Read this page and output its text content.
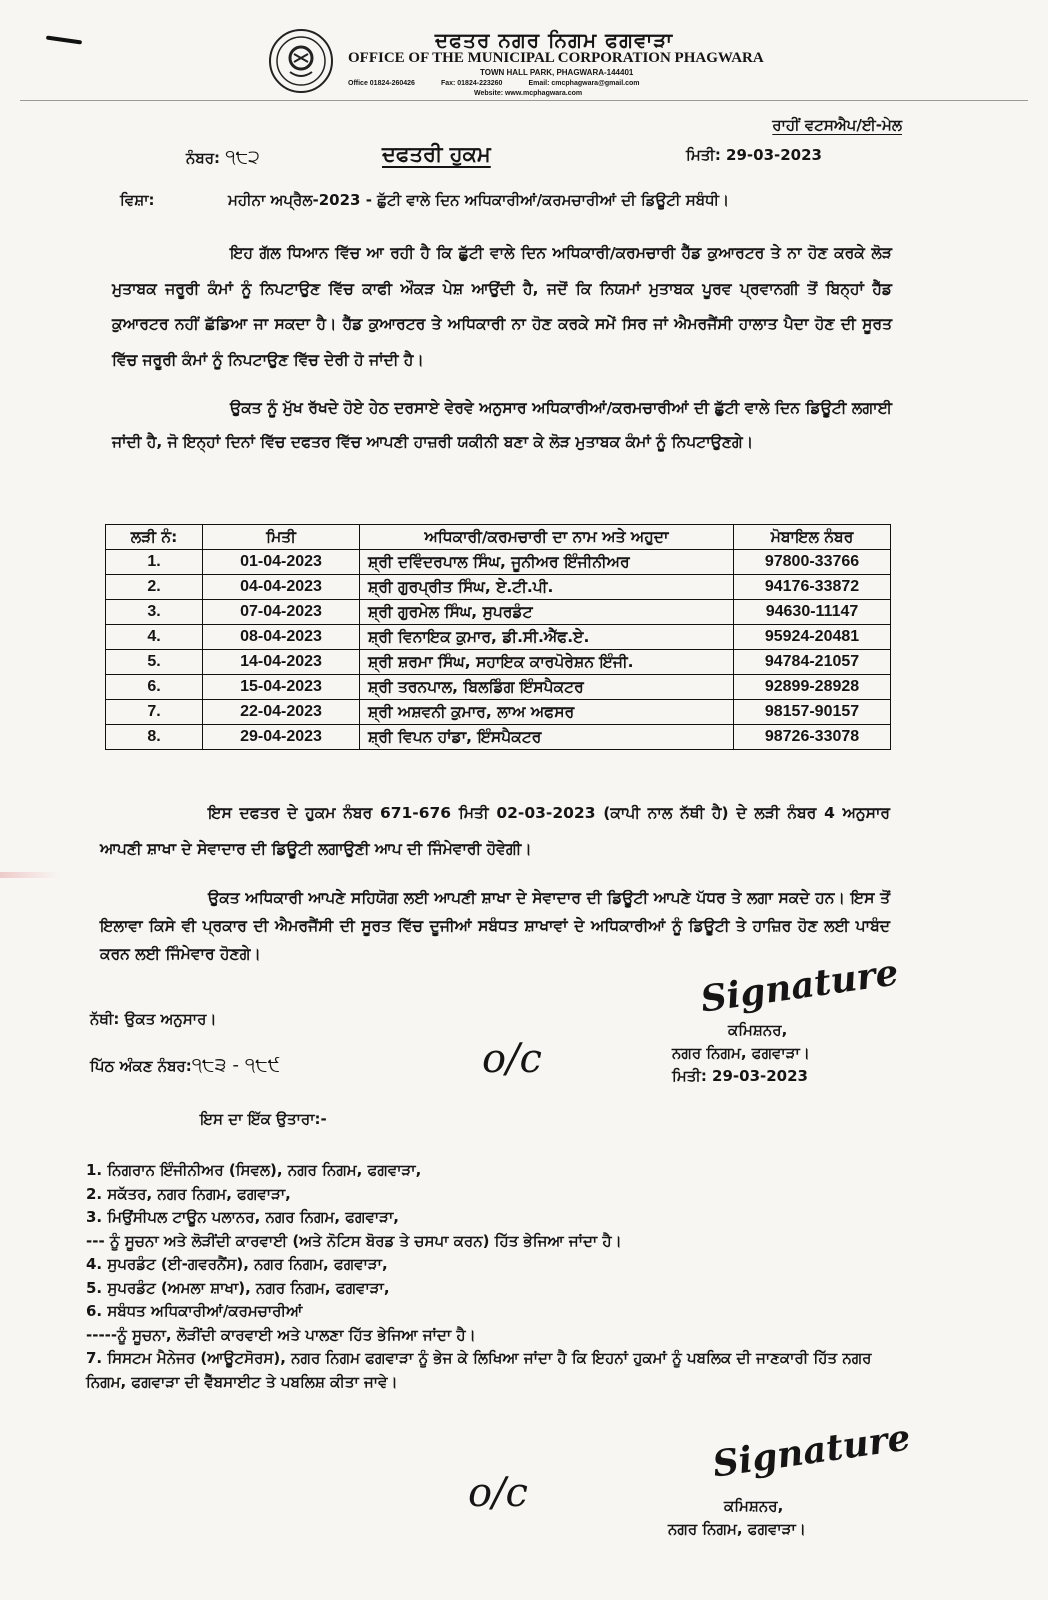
ਦਫਤਰ ਨਗਰ ਨਿਗਮ ਫਗਵਾੜਾ
OFFICE OF THE MUNICIPAL CORPORATION PHAGWARA
TOWN HALL PARK, PHAGWARA-144401
Office 01824-260426	Fax: 01824-223260	Email: cmcphagwara@gmail.com
Website: www.mcphagwara.com
ਰਾਹੀਂ ਵਟਸਐਪ/ਈ-ਮੇਲ
ਨੰਬਰ: ੧੮੨	ਦਫਤਰੀ ਹੁਕਮ	ਮਿਤੀ: 29-03-2023
ਵਿਸ਼ਾ:	ਮਹੀਨਾ ਅਪ੍ਰੈਲ-2023 - ਛੁੱਟੀ ਵਾਲੇ ਦਿਨ ਅਧਿਕਾਰੀਆਂ/ਕਰਮਚਾਰੀਆਂ ਦੀ ਡਿਊਟੀ ਸਬੰਧੀ।
ਇਹ ਗੱਲ ਧਿਆਨ ਵਿੱਚ ਆ ਰਹੀ ਹੈ ਕਿ ਛੁੱਟੀ ਵਾਲੇ ਦਿਨ ਅਧਿਕਾਰੀ/ਕਰਮਚਾਰੀ ਹੈੱਡ ਕੁਆਰਟਰ ਤੇ ਨਾ ਹੋਣ ਕਰਕੇ ਲੋੜ ਮੁਤਾਬਕ ਜਰੂਰੀ ਕੰਮਾਂ ਨੂੰ ਨਿਪਟਾਉਣ ਵਿੱਚ ਕਾਫੀ ਔਕੜ ਪੇਸ਼ ਆਉਂਦੀ ਹੈ, ਜਦੋਂ ਕਿ ਨਿਯਮਾਂ ਮੁਤਾਬਕ ਪੂਰਵ ਪ੍ਰਵਾਨਗੀ ਤੋਂ ਬਿਨ੍ਹਾਂ ਹੈੱਡ ਕੁਆਰਟਰ ਨਹੀਂ ਛੱਡਿਆ ਜਾ ਸਕਦਾ ਹੈ। ਹੈੱਡ ਕੁਆਰਟਰ ਤੇ ਅਧਿਕਾਰੀ ਨਾ ਹੋਣ ਕਰਕੇ ਸਮੇਂ ਸਿਰ ਜਾਂ ਐਮਰਜੈਂਸੀ ਹਾਲਾਤ ਪੈਦਾ ਹੋਣ ਦੀ ਸੂਰਤ ਵਿੱਚ ਜਰੂਰੀ ਕੰਮਾਂ ਨੂੰ ਨਿਪਟਾਉਣ ਵਿੱਚ ਦੇਰੀ ਹੋ ਜਾਂਦੀ ਹੈ।
ਉਕਤ ਨੂੰ ਮੁੱਖ ਰੱਖਦੇ ਹੋਏ ਹੇਠ ਦਰਸਾਏ ਵੇਰਵੇ ਅਨੁਸਾਰ ਅਧਿਕਾਰੀਆਂ/ਕਰਮਚਾਰੀਆਂ ਦੀ ਛੁੱਟੀ ਵਾਲੇ ਦਿਨ ਡਿਊਟੀ ਲਗਾਈ ਜਾਂਦੀ ਹੈ, ਜੋ ਇਨ੍ਹਾਂ ਦਿਨਾਂ ਵਿੱਚ ਦਫਤਰ ਵਿੱਚ ਆਪਣੀ ਹਾਜ਼ਰੀ ਯਕੀਨੀ ਬਣਾ ਕੇ ਲੋੜ ਮੁਤਾਬਕ ਕੰਮਾਂ ਨੂੰ ਨਿਪਟਾਉਣਗੇ।
ਲੜੀ ਨੰ:	ਮਿਤੀ	ਅਧਿਕਾਰੀ/ਕਰਮਚਾਰੀ ਦਾ ਨਾਮ ਅਤੇ ਅਹੁਦਾ	ਮੋਬਾਇਲ ਨੰਬਰ
1.	01-04-2023	ਸ਼੍ਰੀ ਦਵਿੰਦਰਪਾਲ ਸਿੰਘ, ਜੂਨੀਅਰ ਇੰਜੀਨੀਅਰ	97800-33766
2.	04-04-2023	ਸ਼੍ਰੀ ਗੁਰਪ੍ਰੀਤ ਸਿੰਘ, ਏ.ਟੀ.ਪੀ.	94176-33872
3.	07-04-2023	ਸ਼੍ਰੀ ਗੁਰਮੇਲ ਸਿੰਘ, ਸੁਪਰਡੰਟ	94630-11147
4.	08-04-2023	ਸ਼੍ਰੀ ਵਿਨਾਇਕ ਕੁਮਾਰ, ਡੀ.ਸੀ.ਐੱਫ.ਏ.	95924-20481
5.	14-04-2023	ਸ਼੍ਰੀ ਸ਼ਰਮਾ ਸਿੰਘ, ਸਹਾਇਕ ਕਾਰਪੋਰੇਸ਼ਨ ਇੰਜੀ.	94784-21057
6.	15-04-2023	ਸ਼੍ਰੀ ਤਰਨਪਾਲ, ਬਿਲਡਿੰਗ ਇੰਸਪੈਕਟਰ	92899-28928
7.	22-04-2023	ਸ਼੍ਰੀ ਅਸ਼ਵਨੀ ਕੁਮਾਰ, ਲਾਅ ਅਫਸਰ	98157-90157
8.	29-04-2023	ਸ਼੍ਰੀ ਵਿਪਨ ਹਾਂਡਾ, ਇੰਸਪੈਕਟਰ	98726-33078
ਇਸ ਦਫਤਰ ਦੇ ਹੁਕਮ ਨੰਬਰ 671-676 ਮਿਤੀ 02-03-2023 (ਕਾਪੀ ਨਾਲ ਨੱਥੀ ਹੈ) ਦੇ ਲੜੀ ਨੰਬਰ 4 ਅਨੁਸਾਰ ਆਪਣੀ ਸ਼ਾਖਾ ਦੇ ਸੇਵਾਦਾਰ ਦੀ ਡਿਊਟੀ ਲਗਾਉਣੀ ਆਪ ਦੀ ਜਿੰਮੇਵਾਰੀ ਹੋਵੇਗੀ।
ਉਕਤ ਅਧਿਕਾਰੀ ਆਪਣੇ ਸਹਿਯੋਗ ਲਈ ਆਪਣੀ ਸ਼ਾਖਾ ਦੇ ਸੇਵਾਦਾਰ ਦੀ ਡਿਊਟੀ ਆਪਣੇ ਪੱਧਰ ਤੇ ਲਗਾ ਸਕਦੇ ਹਨ। ਇਸ ਤੋਂ ਇਲਾਵਾ ਕਿਸੇ ਵੀ ਪ੍ਰਕਾਰ ਦੀ ਐਮਰਜੈਂਸੀ ਦੀ ਸੂਰਤ ਵਿੱਚ ਦੂਜੀਆਂ ਸਬੰਧਤ ਸ਼ਾਖਾਵਾਂ ਦੇ ਅਧਿਕਾਰੀਆਂ ਨੂੰ ਡਿਊਟੀ ਤੇ ਹਾਜ਼ਿਰ ਹੋਣ ਲਈ ਪਾਬੰਦ ਕਰਨ ਲਈ ਜਿੰਮੇਵਾਰ ਹੋਣਗੇ।
ਨੱਥੀ: ਉਕਤ ਅਨੁਸਾਰ।
ਪਿੱਠ ਅੰਕਣ ਨੰਬਰ:੧੮੩ - ੧੮੯	o/c
Signature
ਕਮਿਸ਼ਨਰ,
ਨਗਰ ਨਿਗਮ, ਫਗਵਾੜਾ।
ਮਿਤੀ: 29-03-2023
ਇਸ ਦਾ ਇੱਕ ਉਤਾਰਾ:-
1. ਨਿਗਰਾਨ ਇੰਜੀਨੀਅਰ (ਸਿਵਲ), ਨਗਰ ਨਿਗਮ, ਫਗਵਾੜਾ,
2. ਸਕੱਤਰ, ਨਗਰ ਨਿਗਮ, ਫਗਵਾੜਾ,
3. ਮਿਉਂਸੀਪਲ ਟਾਊਨ ਪਲਾਨਰ, ਨਗਰ ਨਿਗਮ, ਫਗਵਾੜਾ,
--- ਨੂੰ ਸੂਚਨਾ ਅਤੇ ਲੋੜੀਂਦੀ ਕਾਰਵਾਈ (ਅਤੇ ਨੋਟਿਸ ਬੋਰਡ ਤੇ ਚਸਪਾ ਕਰਨ) ਹਿੱਤ ਭੇਜਿਆ ਜਾਂਦਾ ਹੈ।
4. ਸੁਪਰਡੰਟ (ਈ-ਗਵਰਨੈਂਸ), ਨਗਰ ਨਿਗਮ, ਫਗਵਾੜਾ,
5. ਸੁਪਰਡੰਟ (ਅਮਲਾ ਸ਼ਾਖਾ), ਨਗਰ ਨਿਗਮ, ਫਗਵਾੜਾ,
6. ਸਬੰਧਤ ਅਧਿਕਾਰੀਆਂ/ਕਰਮਚਾਰੀਆਂ
-----ਨੂੰ ਸੂਚਨਾ, ਲੋੜੀਂਦੀ ਕਾਰਵਾਈ ਅਤੇ ਪਾਲਣਾ ਹਿੱਤ ਭੇਜਿਆ ਜਾਂਦਾ ਹੈ।
7. ਸਿਸਟਮ ਮੈਨੇਜਰ (ਆਊਟਸੋਰਸ), ਨਗਰ ਨਿਗਮ ਫਗਵਾੜਾ ਨੂੰ ਭੇਜ ਕੇ ਲਿਖਿਆ ਜਾਂਦਾ ਹੈ ਕਿ ਇਹਨਾਂ ਹੁਕਮਾਂ ਨੂੰ ਪਬਲਿਕ ਦੀ ਜਾਣਕਾਰੀ ਹਿੱਤ ਨਗਰ ਨਿਗਮ, ਫਗਵਾੜਾ ਦੀ ਵੈੱਬਸਾਈਟ ਤੇ ਪਬਲਿਸ਼ ਕੀਤਾ ਜਾਵੇ।
o/c
Signature
ਕਮਿਸ਼ਨਰ,
ਨਗਰ ਨਿਗਮ, ਫਗਵਾੜਾ।
